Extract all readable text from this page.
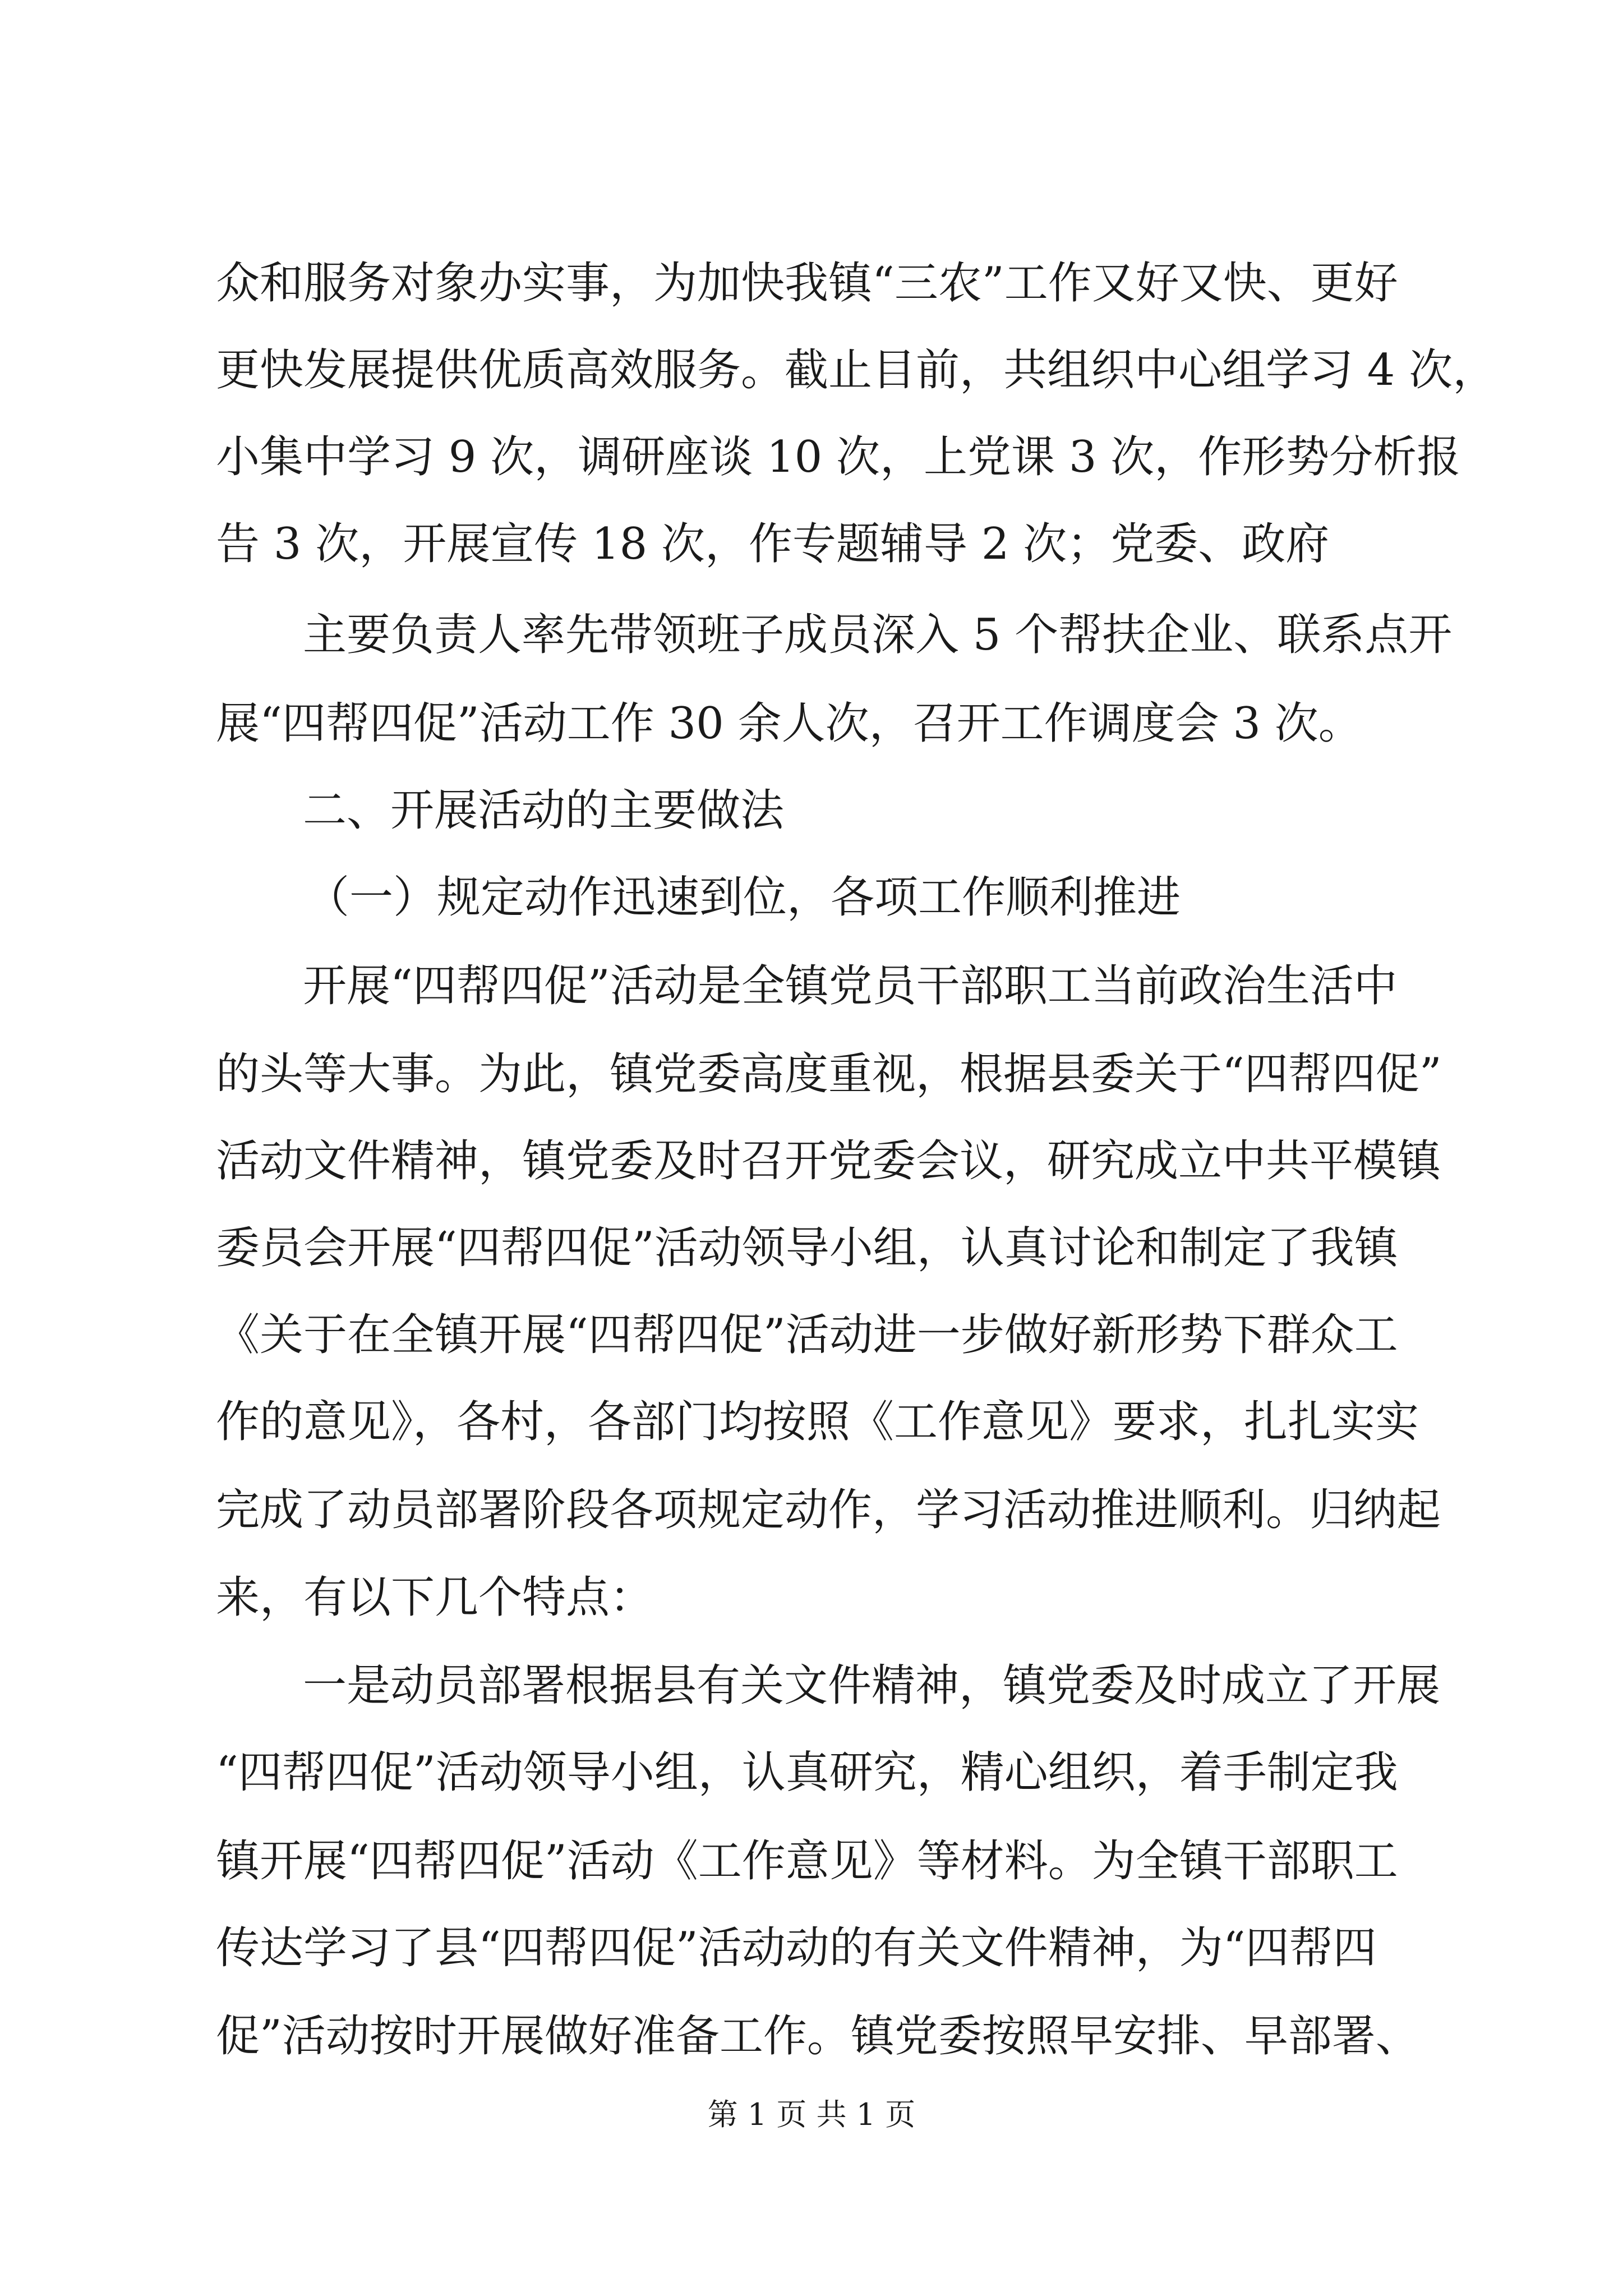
众和服务对象办实事，为加快我镇“三农”工作又好又快、更好
更快发展提供优质高效服务。截止目前，共组织中心组学习 4 次，
小集中学习 9 次，调研座谈 10 次，上党课 3 次，作形势分析报
告 3 次，开展宣传 18 次，作专题辅导 2 次；党委、政府
主要负责人率先带领班子成员深入 5 个帮扶企业、联系点开
展“四帮四促”活动工作 30 余人次，召开工作调度会 3 次。
二、开展活动的主要做法
（一）规定动作迅速到位，各项工作顺利推进
开展“四帮四促”活动是全镇党员干部职工当前政治生活中
的头等大事。为此，镇党委高度重视，根据县委关于“四帮四促”
活动文件精神，镇党委及时召开党委会议，研究成立中共平模镇
委员会开展“四帮四促”活动领导小组，认真讨论和制定了我镇
《关于在全镇开展“四帮四促”活动进一步做好新形势下群众工
作的意见》，各村，各部门均按照《工作意见》要求，扎扎实实
完成了动员部署阶段各项规定动作，学习活动推进顺利。归纳起
来，有以下几个特点：
一是动员部署根据县有关文件精神，镇党委及时成立了开展
“四帮四促”活动领导小组，认真研究，精心组织，着手制定我
镇开展“四帮四促”活动《工作意见》等材料。为全镇干部职工
传达学习了县“四帮四促”活动动的有关文件精神，为“四帮四
促”活动按时开展做好准备工作。镇党委按照早安排、早部署、
第 1 页 共 1 页
